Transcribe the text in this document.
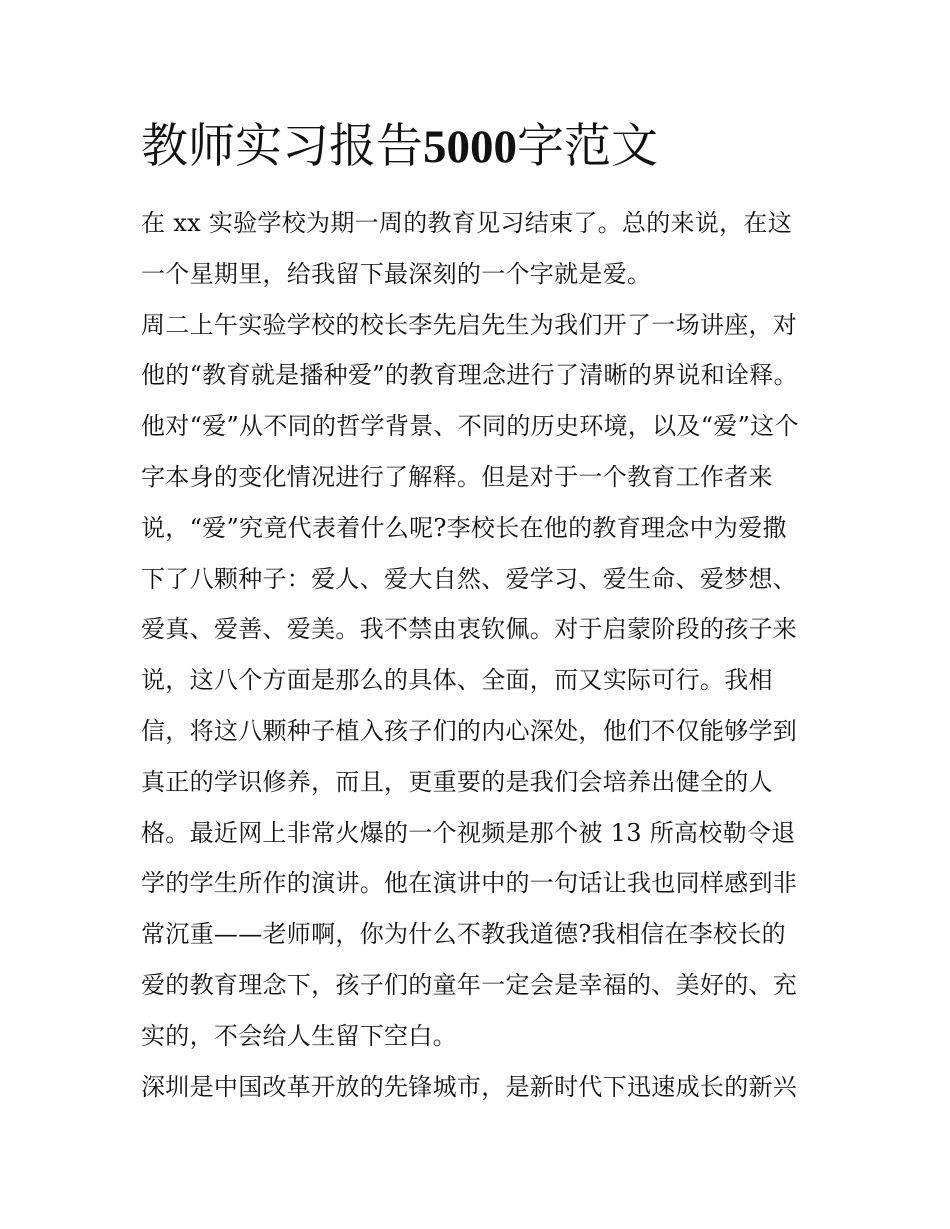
教师实习报告5000字范文
在 xx 实验学校为期一周的教育见习结束了。总的来说，在这
一个星期里，给我留下最深刻的一个字就是爱。
周二上午实验学校的校长李先启先生为我们开了一场讲座，对
他的“教育就是播种爱”的教育理念进行了清晰的界说和诠释。
他对“爱”从不同的哲学背景、不同的历史环境，以及“爱”这个
字本身的变化情况进行了解释。但是对于一个教育工作者来
说，“爱”究竟代表着什么呢?李校长在他的教育理念中为爱撒
下了八颗种子：爱人、爱大自然、爱学习、爱生命、爱梦想、
爱真、爱善、爱美。我不禁由衷钦佩。对于启蒙阶段的孩子来
说，这八个方面是那么的具体、全面，而又实际可行。我相
信，将这八颗种子植入孩子们的内心深处，他们不仅能够学到
真正的学识修养，而且，更重要的是我们会培养出健全的人
格。最近网上非常火爆的一个视频是那个被 13 所高校勒令退
学的学生所作的演讲。他在演讲中的一句话让我也同样感到非
常沉重——老师啊，你为什么不教我道德?我相信在李校长的
爱的教育理念下，孩子们的童年一定会是幸福的、美好的、充
实的，不会给人生留下空白。
深圳是中国改革开放的先锋城市，是新时代下迅速成长的新兴
